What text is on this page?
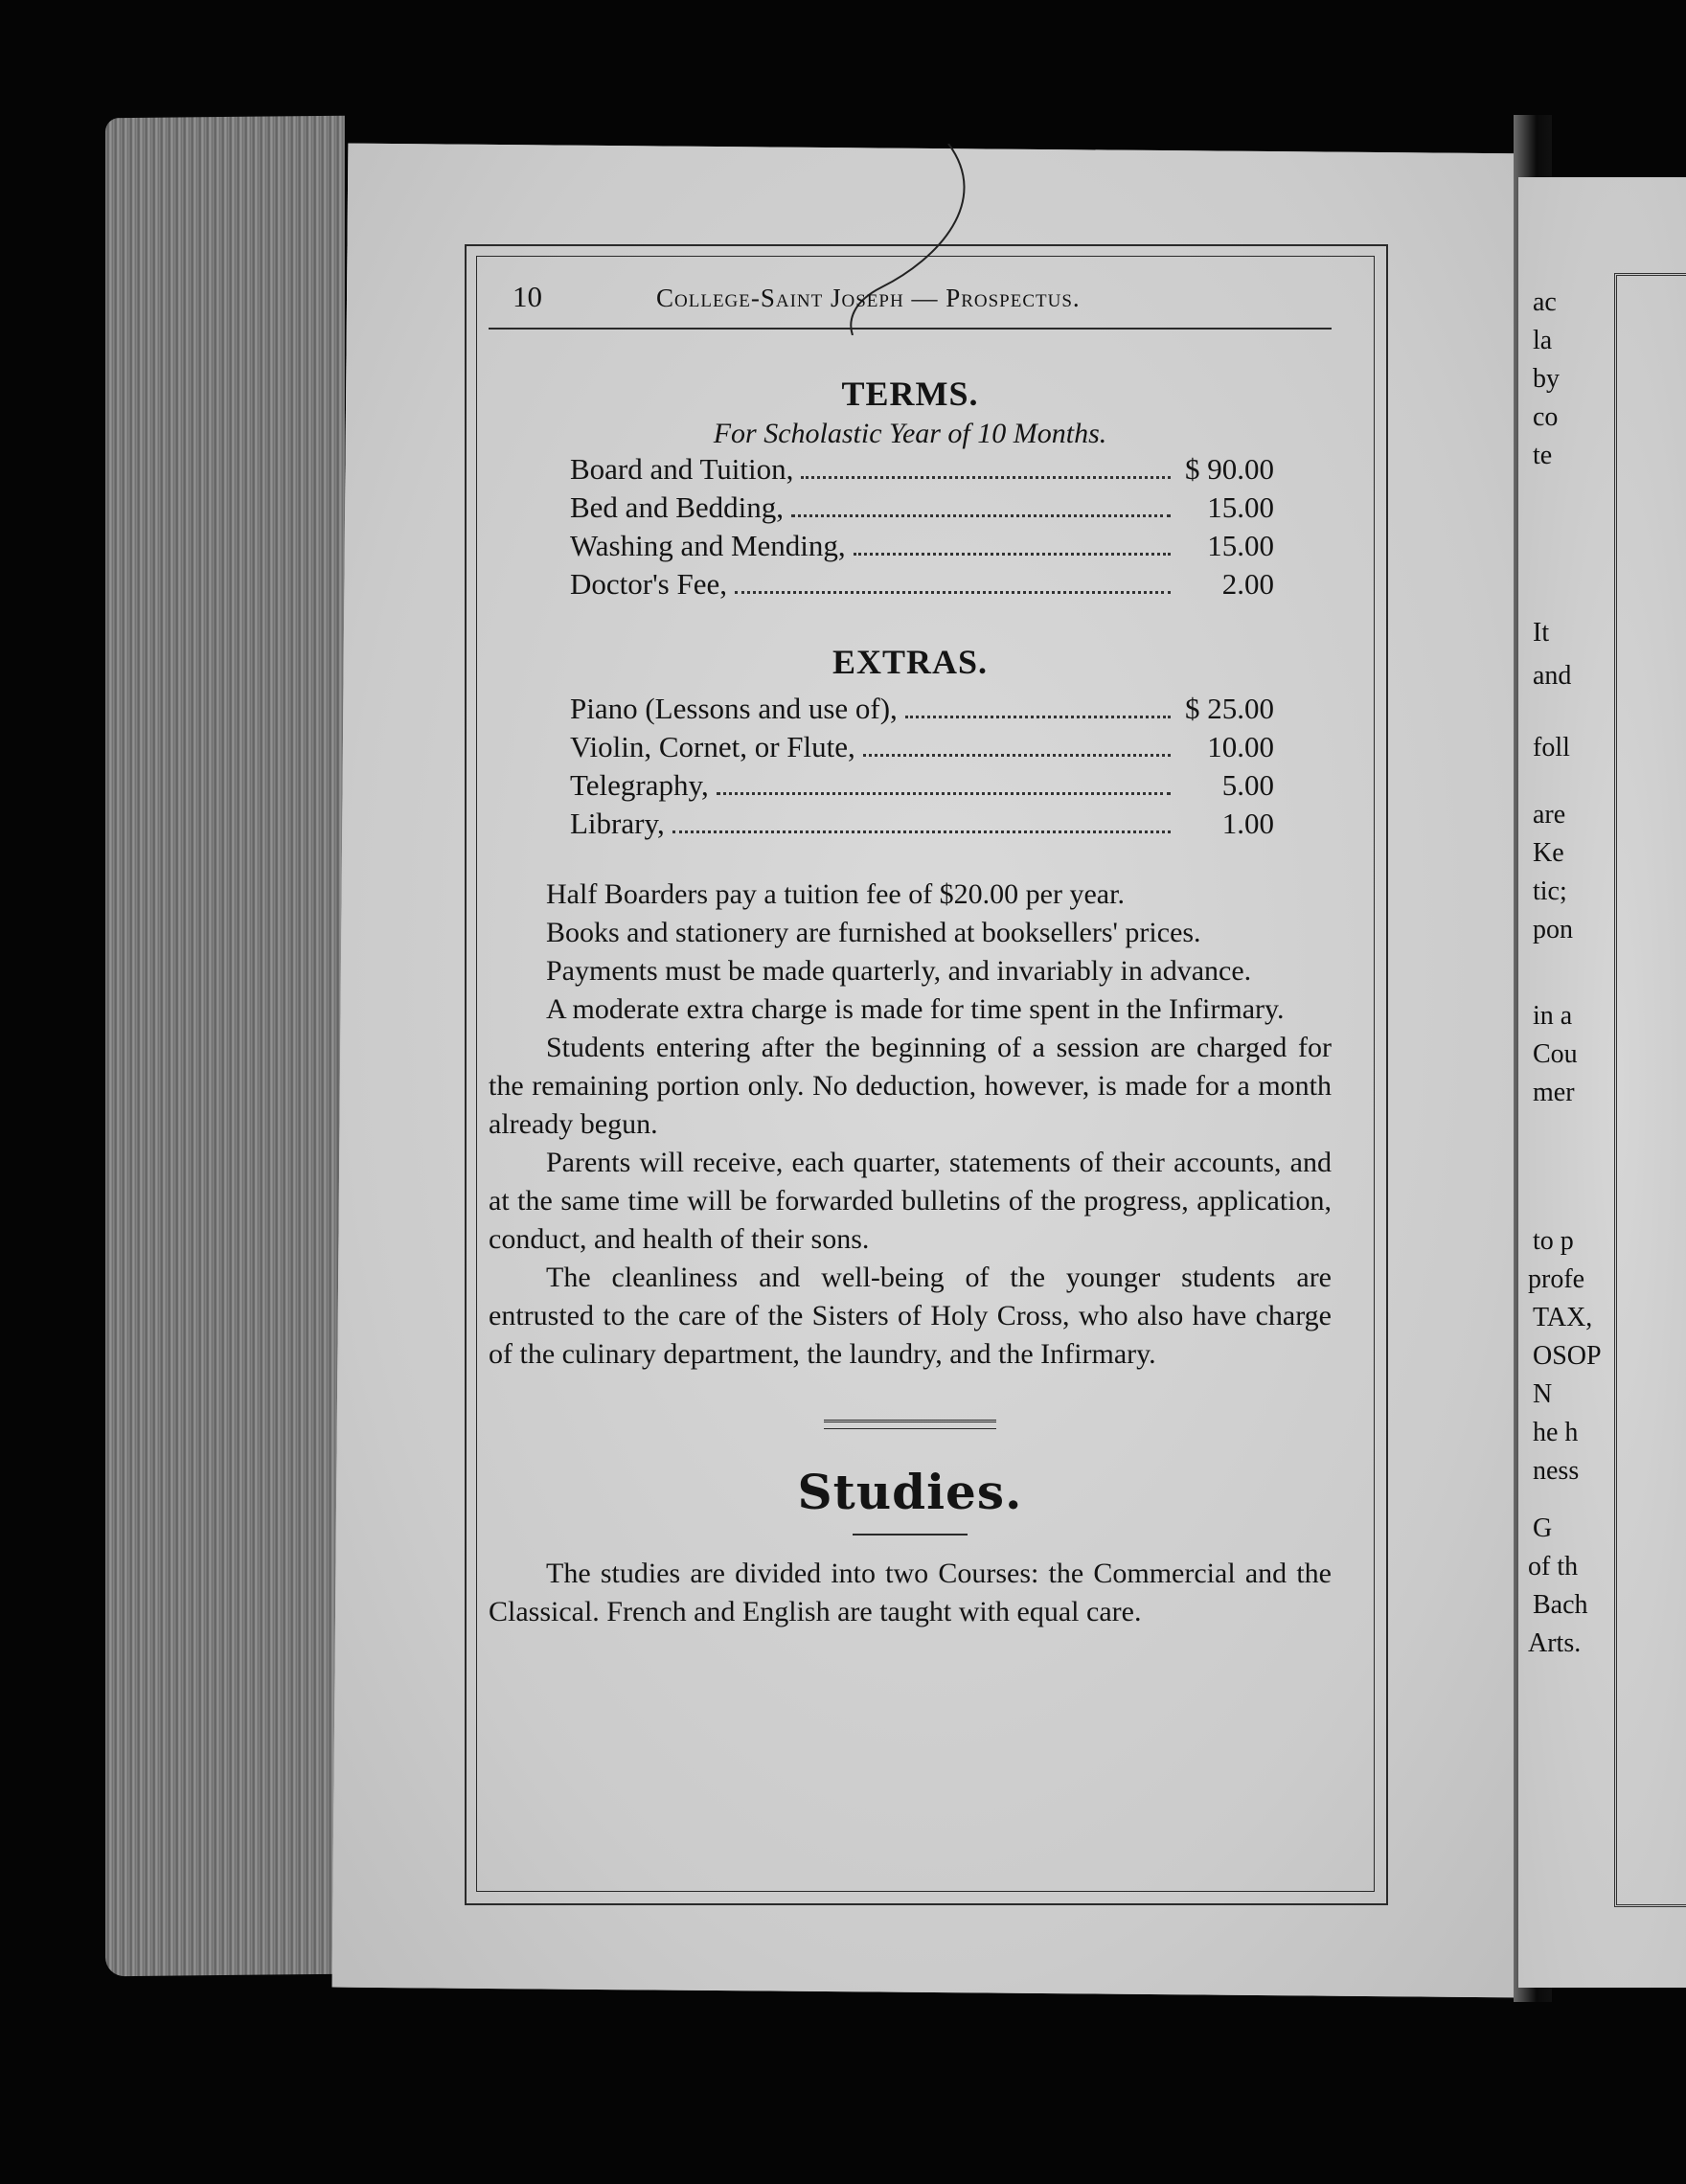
ac
la
by
co
te
It
and
foll
are
Ke
tic;
pon
in a
Cou
mer
to p
profe
TAX,
OSOP
N
he h
ness
G
of th
Bach
Arts.
10	College-Saint Joseph — Prospectus.
TERMS.
For Scholastic Year of 10 Months.
Board and Tuition,	$ 90.00
Bed and Bedding,	15.00
Washing and Mending,	15.00
Doctor's Fee,	2.00
EXTRAS.
Piano (Lessons and use of),	$ 25.00
Violin, Cornet, or Flute,	10.00
Telegraphy,	5.00
Library,	1.00

Half Boarders pay a tuition fee of $20.00 per year.

Books and stationery are furnished at booksellers' prices.

Payments must be made quarterly, and invariably in advance.

A moderate extra charge is made for time spent in the Infirmary.

Students entering after the beginning of a session are charged for the remaining portion only. No deduction, however, is made for a month already begun.

Parents will receive, each quarter, statements of their accounts, and at the same time will be forwarded bulletins of the progress, application, conduct, and health of their sons.

The cleanliness and well-being of the younger students are entrusted to the care of the Sisters of Holy Cross, who also have charge of the culinary department, the laundry, and the Infirmary.

Studies.

The studies are divided into two Courses: the Commercial and the Classical. French and English are taught with equal care.
